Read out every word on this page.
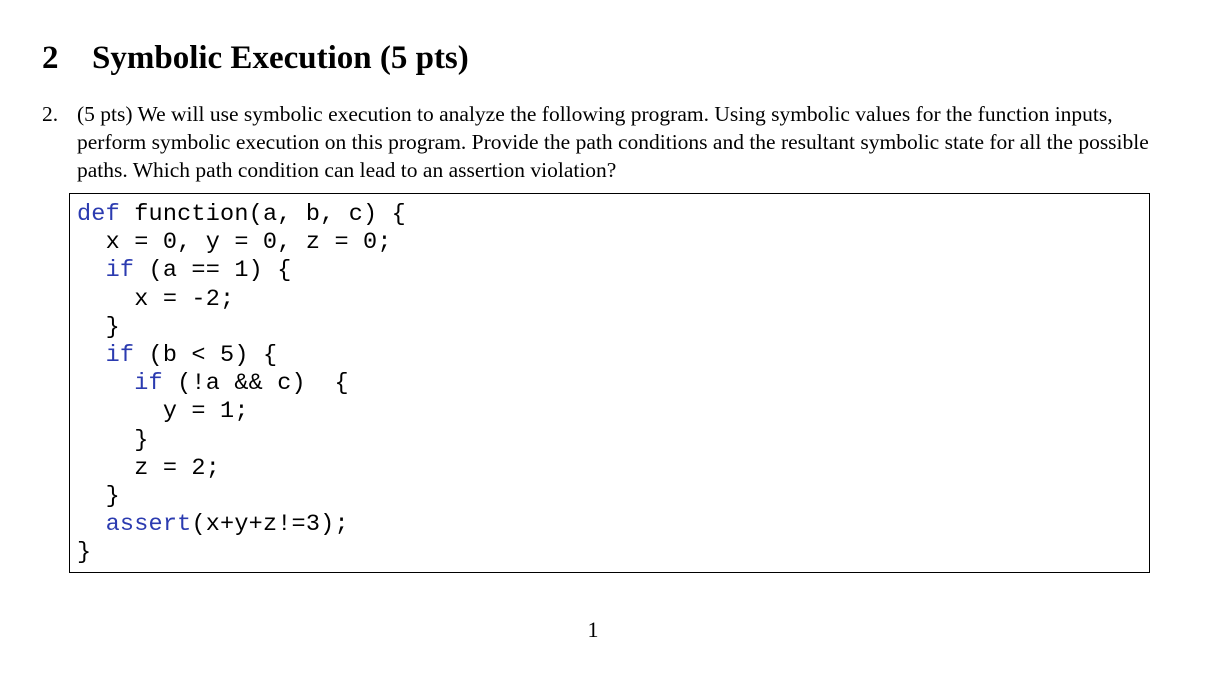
2 Symbolic Execution (5 pts)
2. (5 pts) We will use symbolic execution to analyze the following program. Using symbolic values for the function inputs, perform symbolic execution on this program. Provide the path conditions and the resultant symbolic state for all the possible paths. Which path condition can lead to an assertion violation?
def function(a, b, c) {
x = 0, y = 0, z = 0;
if (a == 1) {
x = -2;
}
if (b < 5) {
if (!a && c)  {
y = 1;
}
z = 2;
}
assert(x+y+z!=3);
}
1
